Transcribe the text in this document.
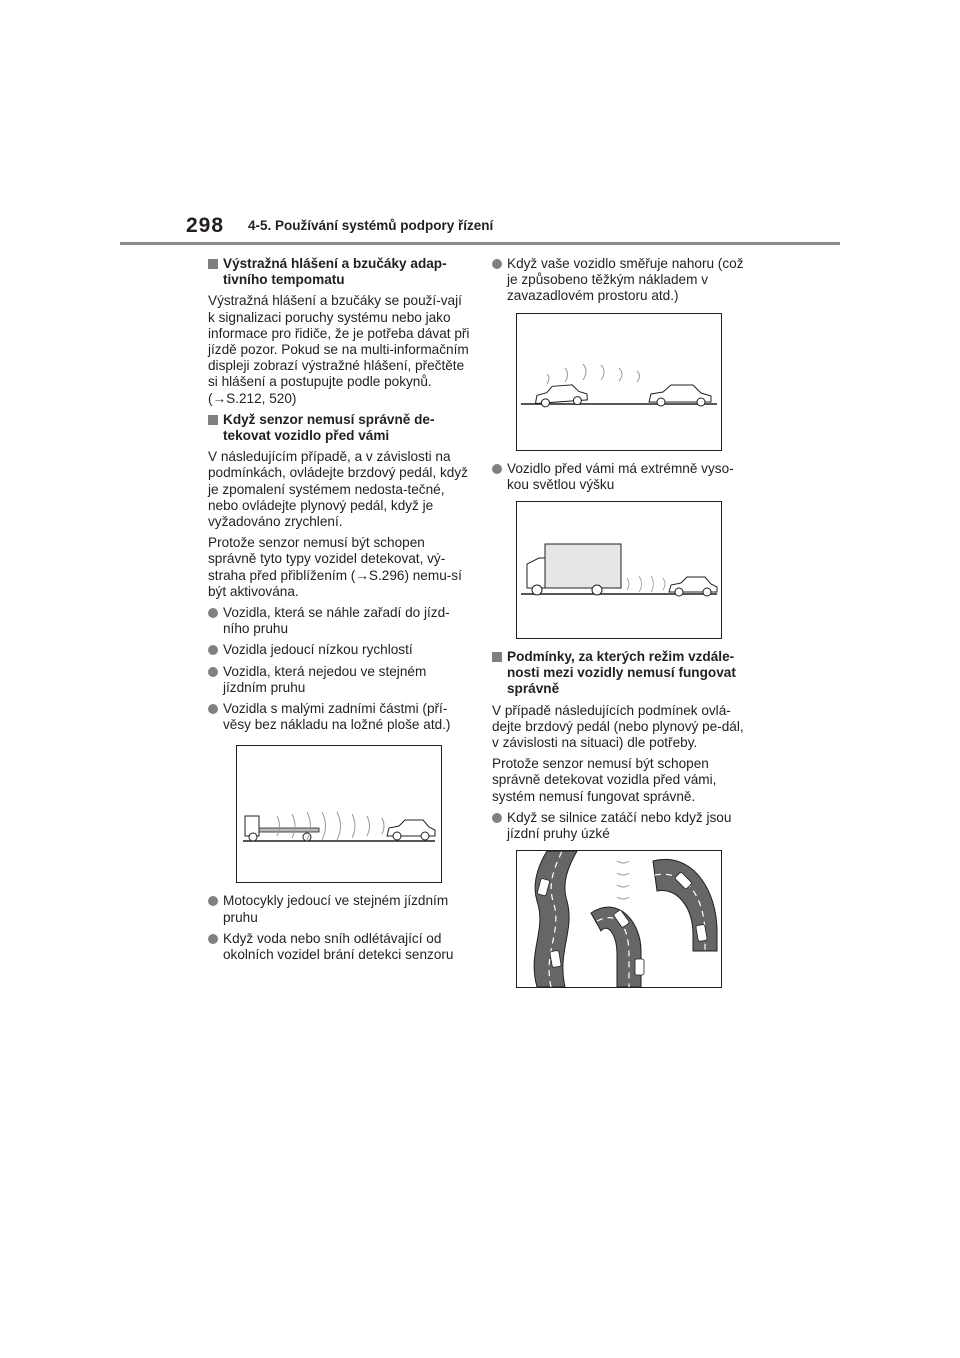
298 4-5. Používání systémů podpory řízení
Výstražná hlášení a bzučáky adap-tivního tempomatu

Výstražná hlášení a bzučáky se použí-vají k signalizaci poruchy systému nebo jako informace pro řidiče, že je potřeba dávat při jízdě pozor. Pokud se na multi-informačním displeji zobrazí výstražné hlášení, přečtěte si hlášení a postupujte podle pokynů. (→S.212, 520)

Když senzor nemusí správně de-tekovat vozidlo před vámi

V následujícím případě, a v závislosti na podmínkách, ovládejte brzdový pedál, když je zpomalení systémem nedosta-tečné, nebo ovládejte plynový pedál, když je vyžadováno zrychlení.

Protože senzor nemusí být schopen správně tyto typy vozidel detekovat, vý-straha před přiblížením (→S.296) nemu-sí být aktivována.

Vozidla, která se náhle zařadí do jízd-ního pruhu
Vozidla jedoucí nízkou rychlostí
Vozidla, která nejedou ve stejném jízdním pruhu
Vozidla s malými zadními částmi (pří-věsy bez nákladu na ložné ploše atd.)
Motocykly jedoucí ve stejném jízdním pruhu
Když voda nebo sníh odlétávající od okolních vozidel brání detekci senzoru
Když vaše vozidlo směřuje nahoru (což je způsobeno těžkým nákladem v zavazadlovém prostoru atd.)
Vozidlo před vámi má extrémně vyso-kou světlou výšku
Podmínky, za kterých režim vzdále-nosti mezi vozidly nemusí fungovat správně

V případě následujících podmínek ovlá-dejte brzdový pedál (nebo plynový pe-dál, v závislosti na situaci) dle potřeby.

Protože senzor nemusí být schopen správně detekovat vozidla před vámi, systém nemusí fungovat správně.

Když se silnice zatáčí nebo když jsou jízdní pruhy úzké
